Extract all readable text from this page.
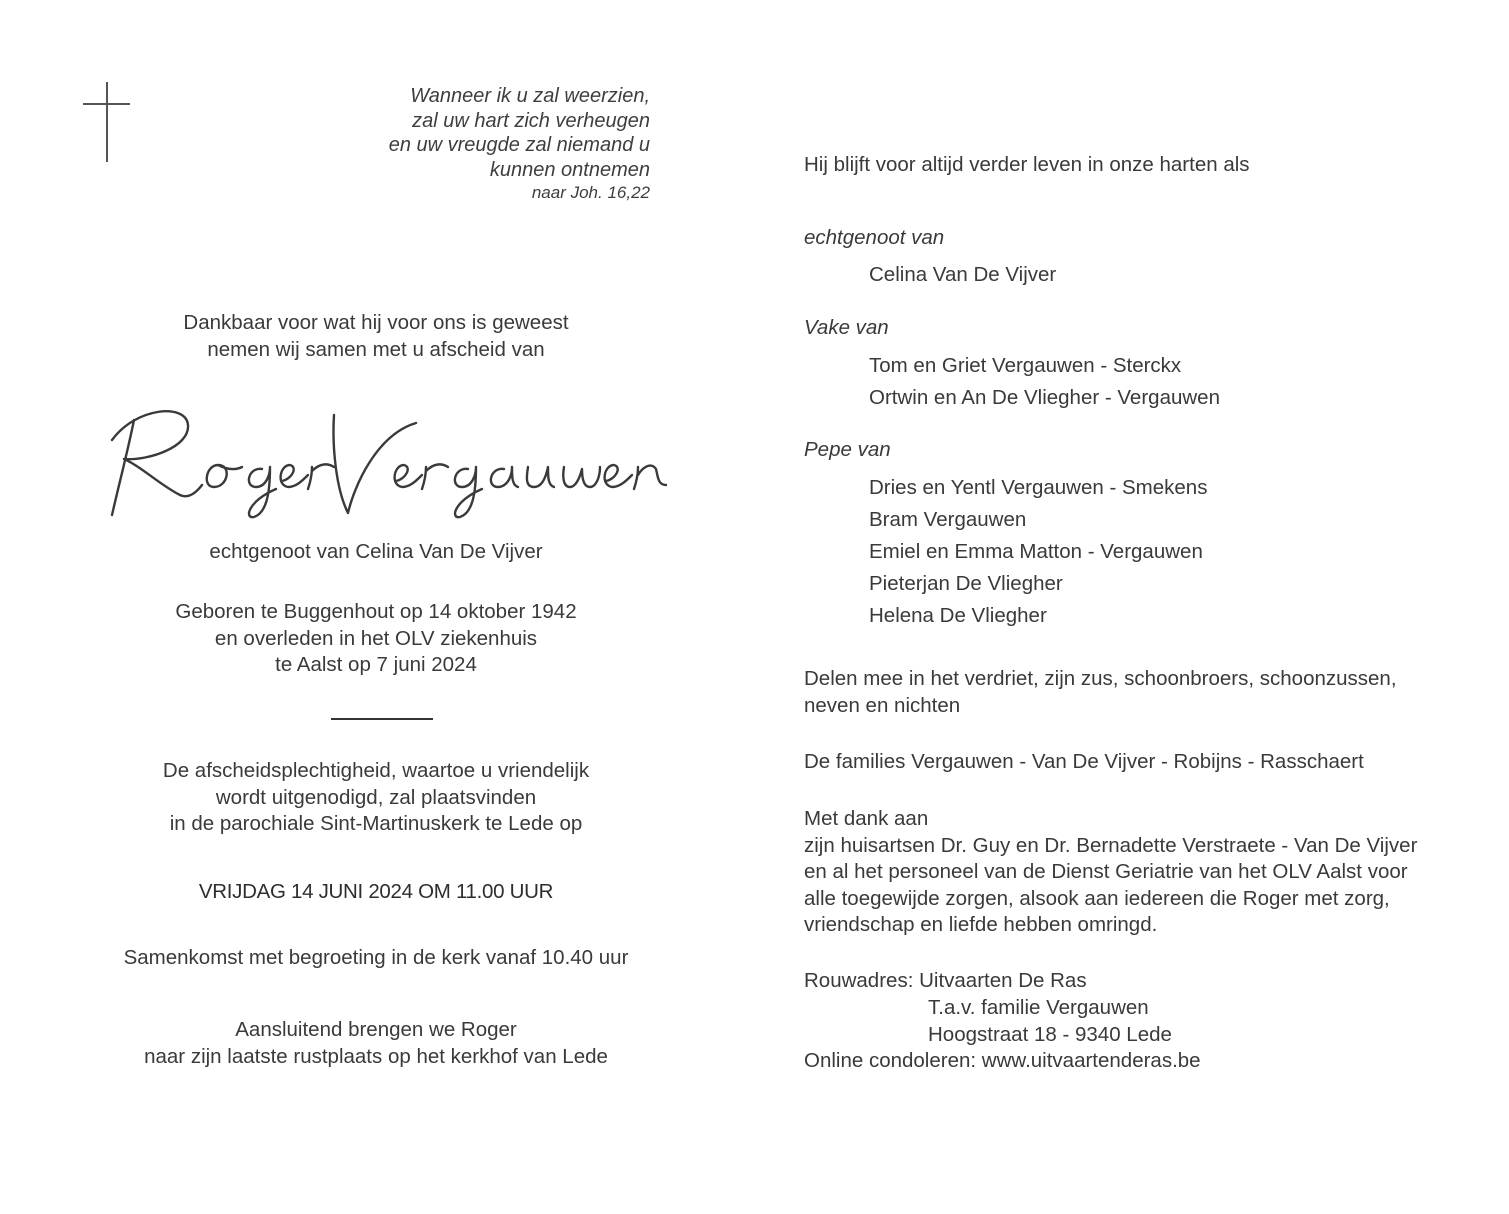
Wanneer ik u zal weerzien,
zal uw hart zich verheugen
en uw vreugde zal niemand u
kunnen ontnemen
naar Joh. 16,22
Dankbaar voor wat hij voor ons is geweest
nemen wij samen met u afscheid van
echtgenoot van Celina Van De Vijver
Geboren te Buggenhout op 14 oktober 1942
en overleden in het OLV ziekenhuis
te Aalst op 7 juni 2024
De afscheidsplechtigheid, waartoe u vriendelijk
wordt uitgenodigd, zal plaatsvinden
in de parochiale Sint-Martinuskerk te Lede op
VRIJDAG 14 JUNI 2024 OM 11.00 UUR
Samenkomst met begroeting in de kerk vanaf 10.40 uur
Aansluitend brengen we Roger
naar zijn laatste rustplaats op het kerkhof van Lede
Hij blijft voor altijd verder leven in onze harten als
echtgenoot van
Celina Van De Vijver
Vake van
Tom en Griet Vergauwen - Sterckx
Ortwin en An De Vliegher - Vergauwen
Pepe van
Dries en Yentl Vergauwen - Smekens
Bram Vergauwen
Emiel en Emma Matton - Vergauwen
Pieterjan De Vliegher
Helena De Vliegher
Delen mee in het verdriet, zijn zus, schoonbroers, schoonzussen,
neven en nichten
De families Vergauwen - Van De Vijver - Robijns - Rasschaert
Met dank aan
zijn huisartsen Dr. Guy en Dr. Bernadette Verstraete - Van De Vijver
en al het personeel van de Dienst Geriatrie van het OLV Aalst voor
alle toegewijde zorgen, alsook aan iedereen die Roger met zorg,
vriendschap en liefde hebben omringd.
Rouwadres: Uitvaarten De Ras
T.a.v. familie Vergauwen
Hoogstraat 18 - 9340 Lede
Online condoleren: www.uitvaartenderas.be
